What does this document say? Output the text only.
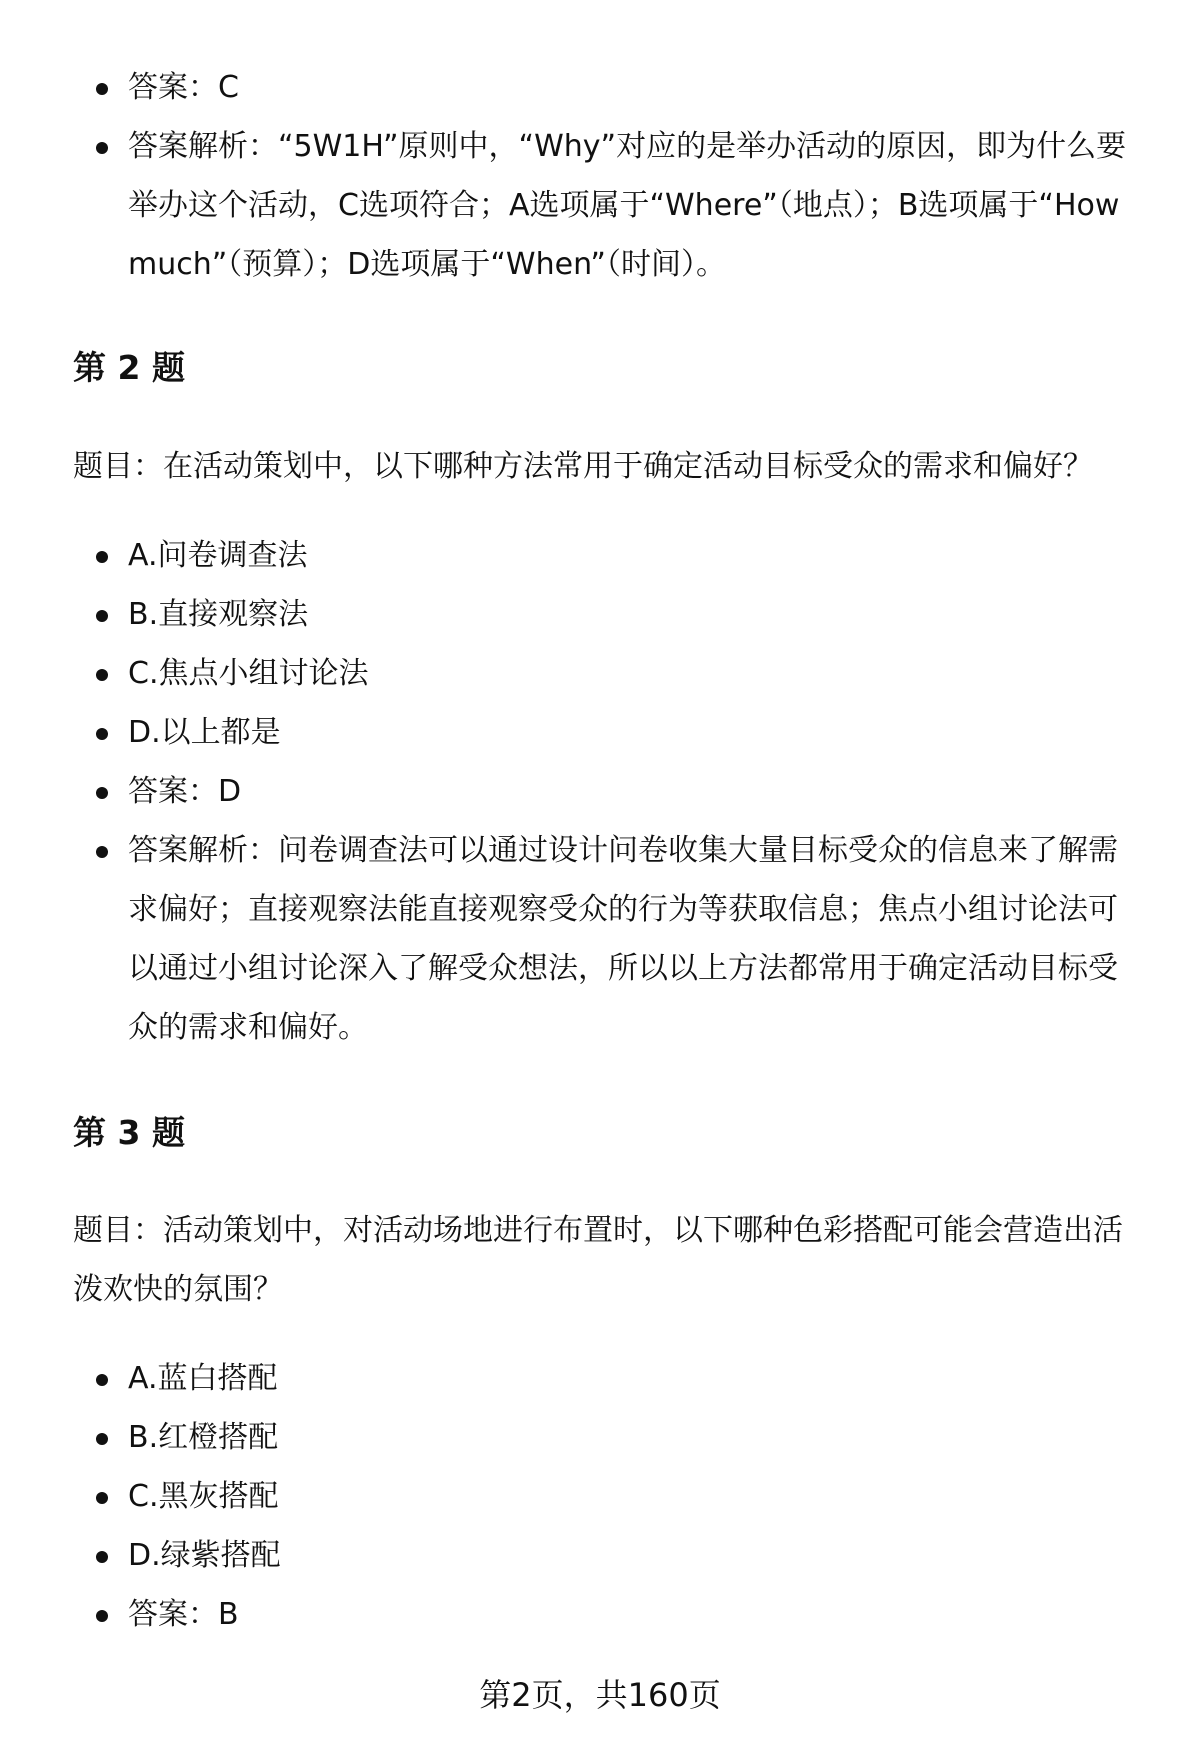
答案：C
答案解析：“5W1H”原则中，“Why”对应的是举办活动的原因，即为什么要举办这个活动，C选项符合；A选项属于“Where”（地点）；B选项属于“How much”（预算）；D选项属于“When”（时间）。
第 2 题

题目：在活动策划中，以下哪种方法常用于确定活动目标受众的需求和偏好？

A.问卷调查法
B.直接观察法
C.焦点小组讨论法
D.以上都是
答案：D
答案解析：问卷调查法可以通过设计问卷收集大量目标受众的信息来了解需求偏好；直接观察法能直接观察受众的行为等获取信息；焦点小组讨论法可以通过小组讨论深入了解受众想法，所以以上方法都常用于确定活动目标受众的需求和偏好。
第 3 题

题目：活动策划中，对活动场地进行布置时，以下哪种色彩搭配可能会营造出活泼欢快的氛围？

A.蓝白搭配
B.红橙搭配
C.黑灰搭配
D.绿紫搭配
答案：B
第2页，共160页
